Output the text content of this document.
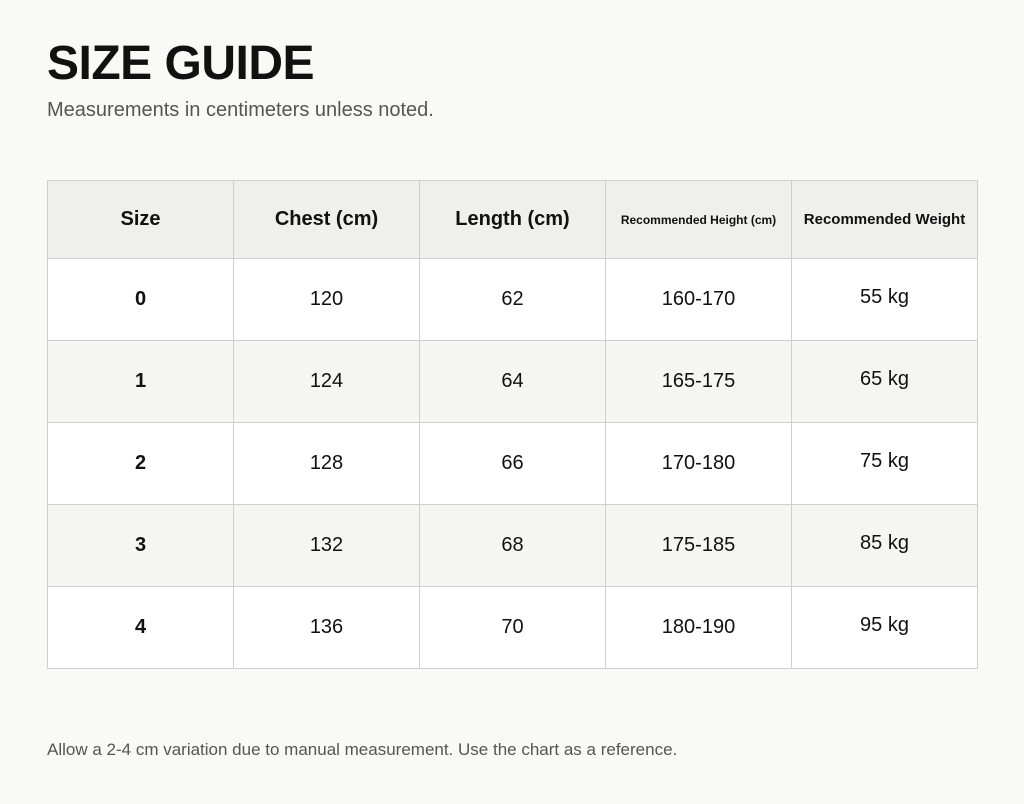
SIZE GUIDE

Measurements in centimeters unless noted.

Size	Chest (cm)	Length (cm)	Recommended Height (cm)	Recommended Weight
0	120	62	160-170	55 kg
1	124	64	165-175	65 kg
2	128	66	170-180	75 kg
3	132	68	175-185	85 kg
4	136	70	180-190	95 kg

Allow a 2-4 cm variation due to manual measurement. Use the chart as a reference.
